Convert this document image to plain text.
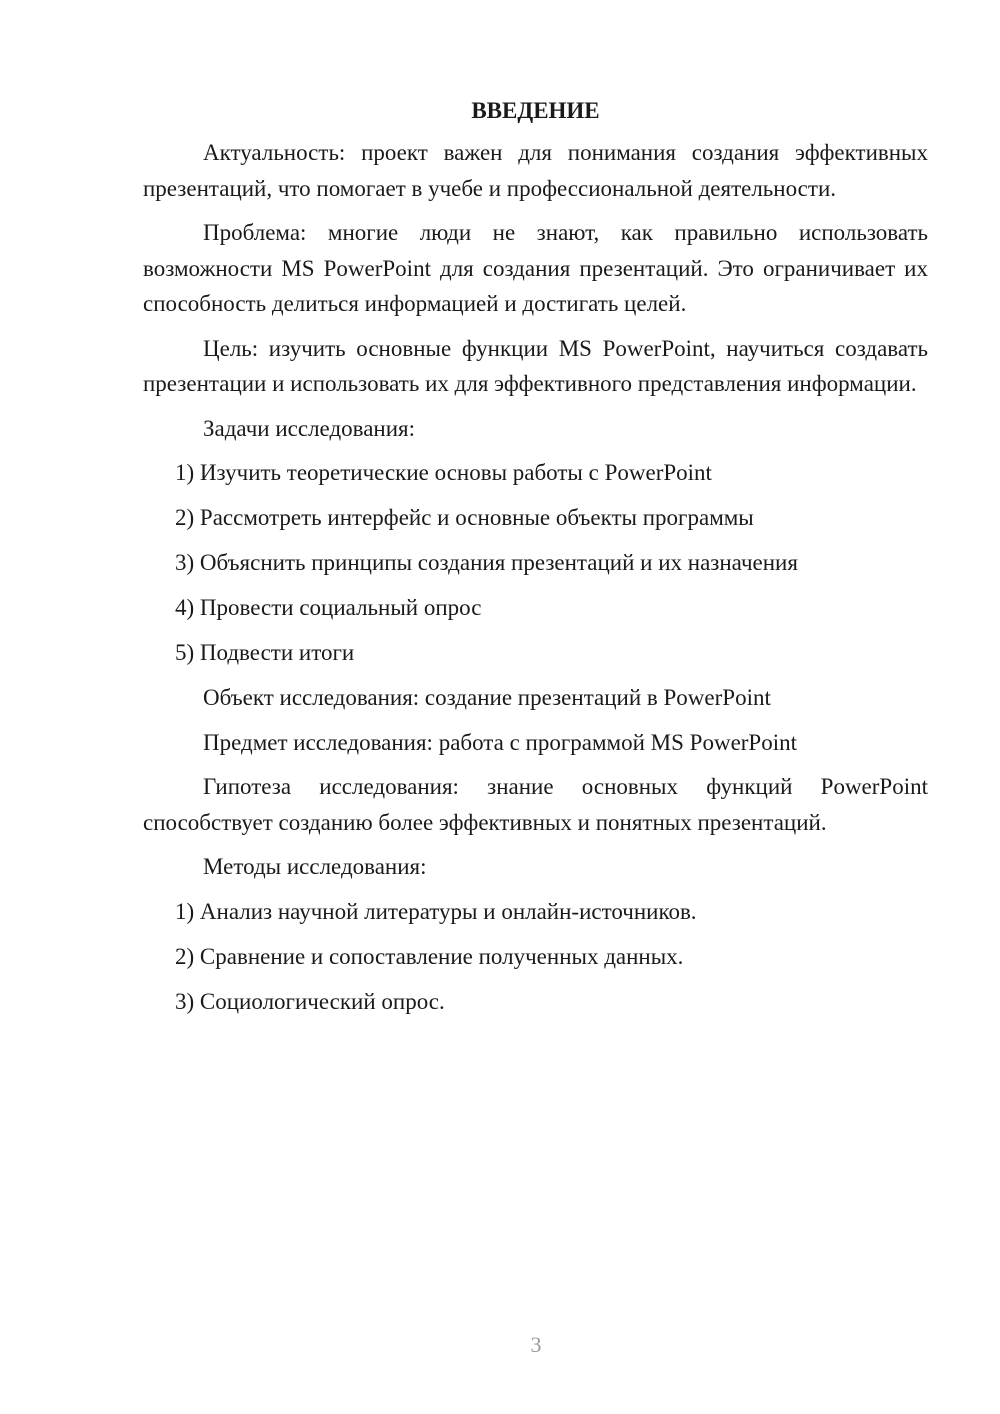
ВВЕДЕНИЕ

Актуальность: проект важен для понимания создания эффективных презентаций, что помогает в учебе и профессиональной деятельности.

Проблема: многие люди не знают, как правильно использовать возможности MS PowerPoint для создания презентаций. Это ограничивает их способность делиться информацией и достигать целей.

Цель: изучить основные функции MS PowerPoint, научиться создавать презентации и использовать их для эффективного представления информации.

Задачи исследования:

1) Изучить теоретические основы работы с PowerPoint
2) Рассмотреть интерфейс и основные объекты программы
3) Объяснить принципы создания презентаций и их назначения
4) Провести социальный опрос
5) Подвести итоги

Объект исследования: создание презентаций в PowerPoint

Предмет исследования: работа с программой MS PowerPoint

Гипотеза исследования: знание основных функций PowerPoint способствует созданию более эффективных и понятных презентаций.

Методы исследования:

1) Анализ научной литературы и онлайн-источников.
2) Сравнение и сопоставление полученных данных.
3) Социологический опрос.
3
